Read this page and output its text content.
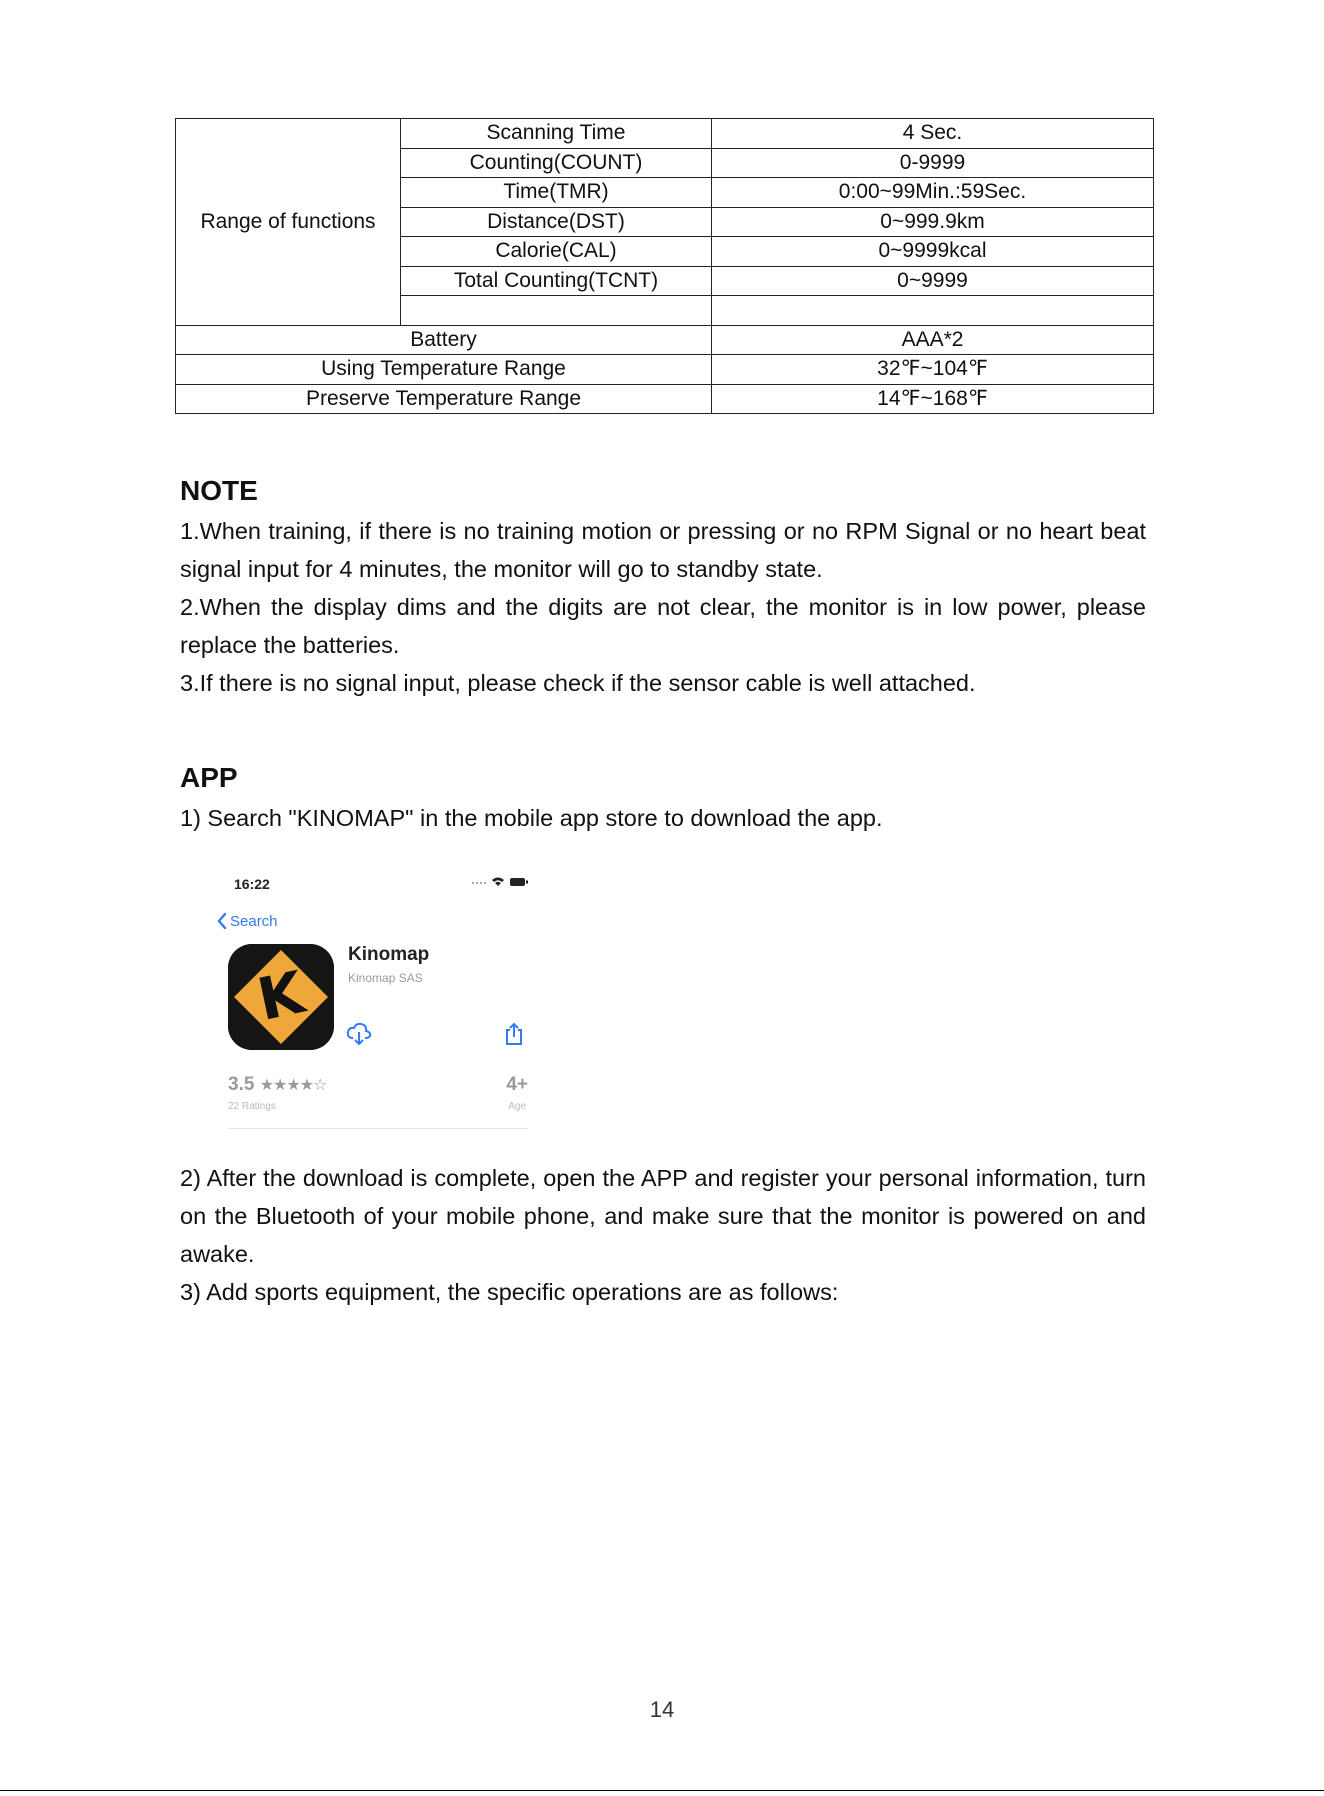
Range of functions	Scanning Time	4 Sec.
	Counting(COUNT)	0-9999
	Time(TMR)	0:00~99Min.:59Sec.
	Distance(DST)	0~999.9km
	Calorie(CAL)	0~9999kcal
	Total Counting(TCNT)	0~9999

Battery		AAA*2
Using Temperature Range		32℉~104℉
Preserve Temperature Range		14℉~168℉
NOTE

1.When training, if there is no training motion or pressing or no RPM Signal or no heart beat signal input for 4 minutes, the monitor will go to standby state.

2.When the display dims and the digits are not clear, the monitor is in low power, please replace the batteries.

3.If there is no signal input, please check if the sensor cable is well attached.

APP

1) Search "KINOMAP" in the mobile app store to download the app.

16:22
Search
K
Kinomap
Kinomap SAS
3.5 ★★★★☆
22 Ratings
4+
Age

2) After the download is complete, open the APP and register your personal information, turn on the Bluetooth of your mobile phone, and make sure that the monitor is powered on and awake.

3) Add sports equipment, the specific operations are as follows:

14
